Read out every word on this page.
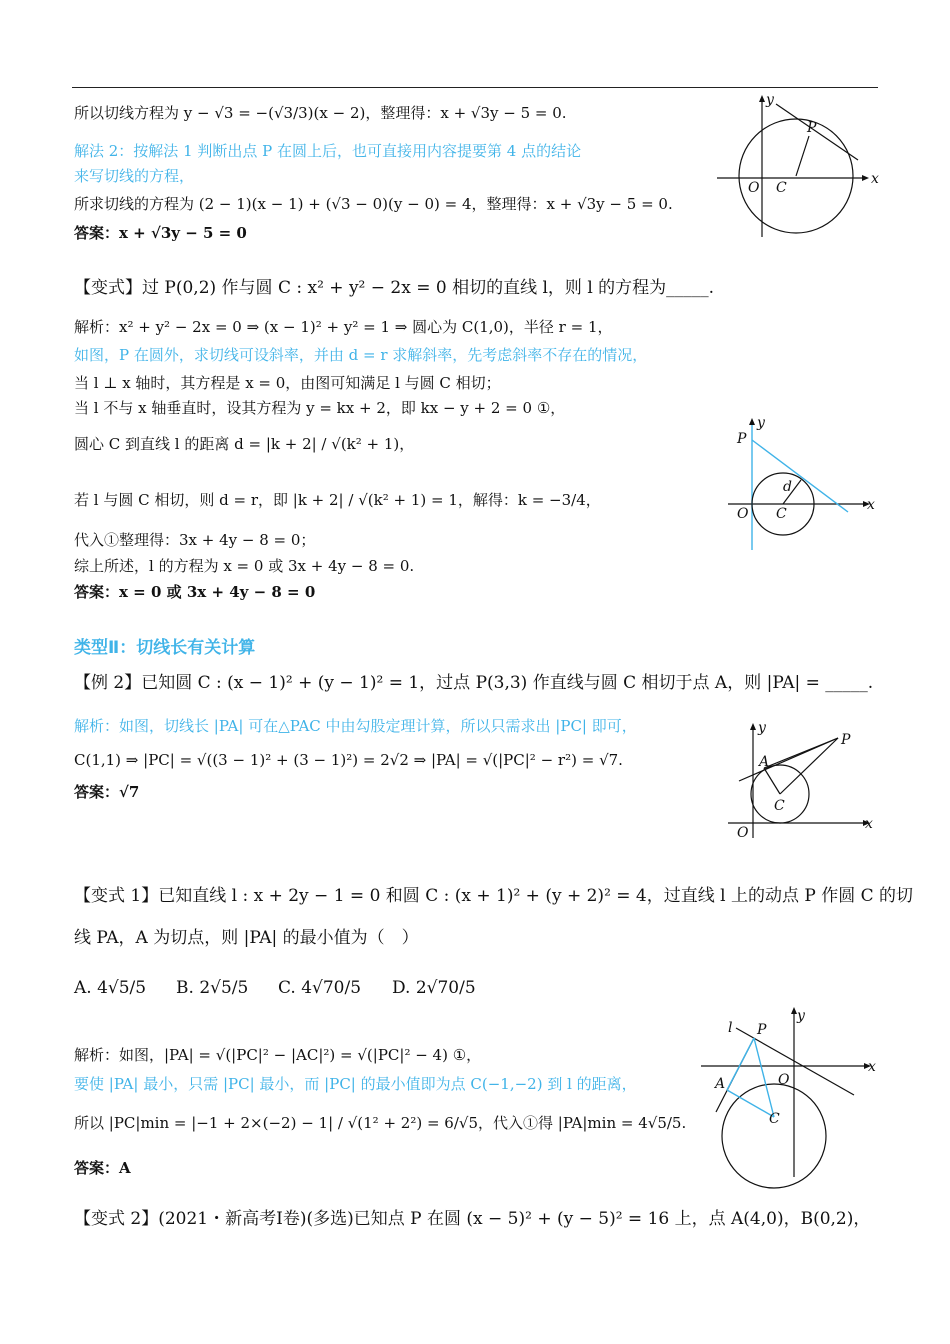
所以切线方程为 y − √3 = −(√3/3)(x − 2)，整理得：x + √3y − 5 = 0.
解法 2：按解法 1 判断出点 P 在圆上后，也可直接用内容提要第 4 点的结论
来写切线的方程，
所求切线的方程为 (2 − 1)(x − 1) + (√3 − 0)(y − 0) = 4，整理得：x + √3y − 5 = 0.
答案：x + √3y − 5 = 0
【变式】过 P(0,2) 作与圆 C : x² + y² − 2x = 0 相切的直线 l，则 l 的方程为_____.
解析：x² + y² − 2x = 0 ⇒ (x − 1)² + y² = 1 ⇒ 圆心为 C(1,0)，半径 r = 1，
如图，P 在圆外，求切线可设斜率，并由 d = r 求解斜率，先考虑斜率不存在的情况，
当 l ⊥ x 轴时，其方程是 x = 0，由图可知满足 l 与圆 C 相切；
当 l 不与 x 轴垂直时，设其方程为 y = kx + 2，即 kx − y + 2 = 0 ①，
圆心 C 到直线 l 的距离 d = |k + 2| / √(k² + 1)，
若 l 与圆 C 相切，则 d = r，即 |k + 2| / √(k² + 1) = 1，解得：k = −3/4，
代入①整理得：3x + 4y − 8 = 0；
综上所述，l 的方程为 x = 0 或 3x + 4y − 8 = 0.
答案：x = 0 或 3x + 4y − 8 = 0
类型Ⅱ：切线长有关计算
【例 2】已知圆 C : (x − 1)² + (y − 1)² = 1，过点 P(3,3) 作直线与圆 C 相切于点 A，则 |PA| = _____.
解析：如图，切线长 |PA| 可在△PAC 中由勾股定理计算，所以只需求出 |PC| 即可，
C(1,1) ⇒ |PC| = √((3 − 1)² + (3 − 1)²) = 2√2 ⇒ |PA| = √(|PC|² − r²) = √7.
答案：√7
【变式 1】已知直线 l : x + 2y − 1 = 0 和圆 C : (x + 1)² + (y + 2)² = 4，过直线 l 上的动点 P 作圆 C 的切
线 PA，A 为切点，则 |PA| 的最小值为（　）
A. 4√5/5 B. 2√5/5 C. 4√70/5 D. 2√70/5
解析：如图，|PA| = √(|PC|² − |AC|²) = √(|PC|² − 4) ①，
要使 |PA| 最小，只需 |PC| 最小，而 |PC| 的最小值即为点 C(−1,−2) 到 l 的距离，
所以 |PC|min = |−1 + 2×(−2) − 1| / √(1² + 2²) = 6/√5，代入①得 |PA|min = 4√5/5.
答案：A
【变式 2】(2021・新高考Ⅰ卷)(多选)已知点 P 在圆 (x − 5)² + (y − 5)² = 16 上，点 A(4,0)，B(0,2)，
x
y
O C
P
x
y
O C
P
d
x
y
O
C
P
A
x
y
O
C
P
A
l
